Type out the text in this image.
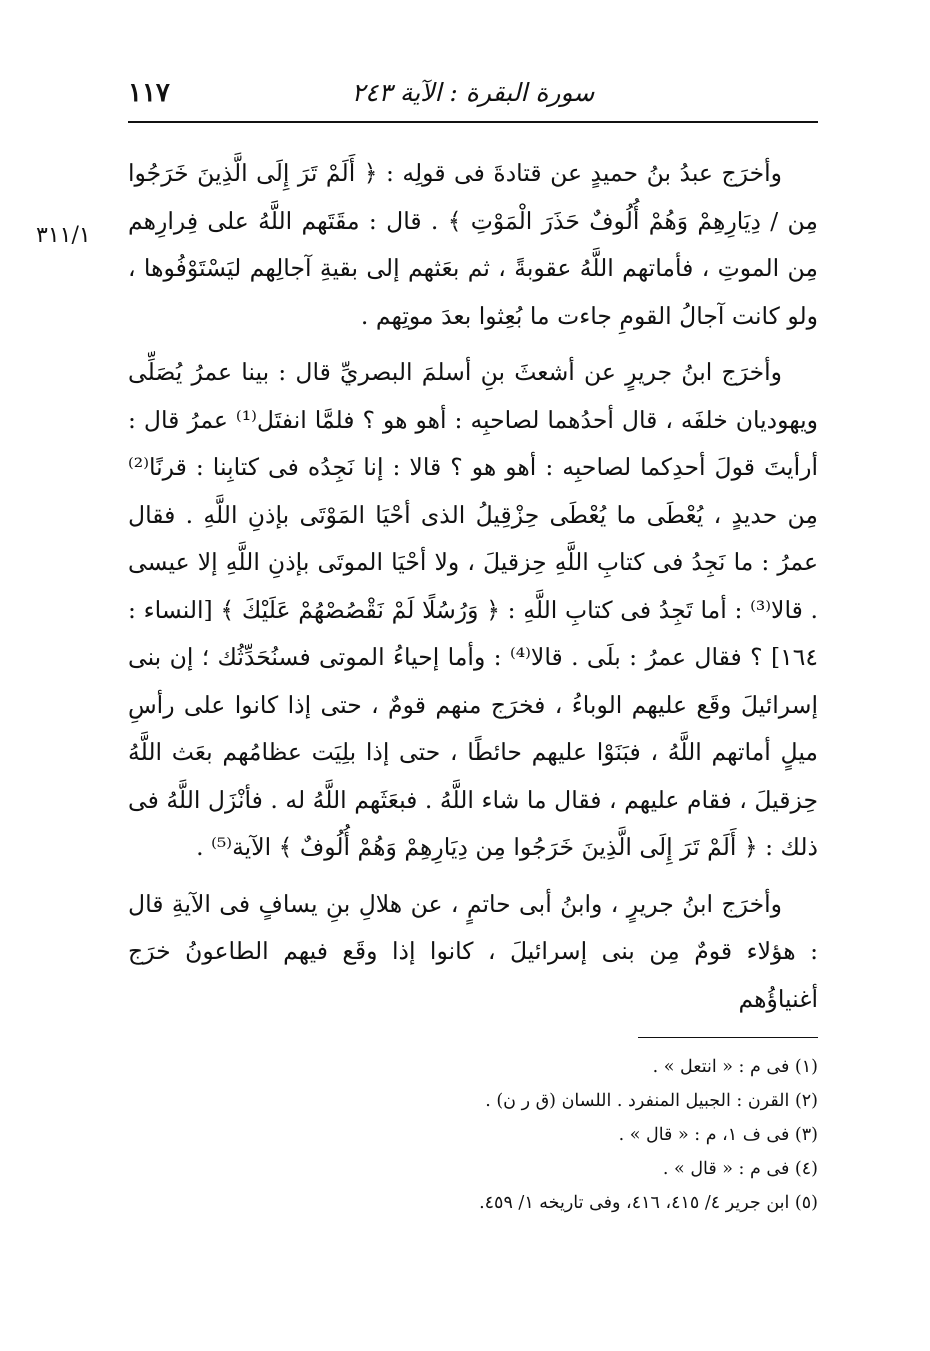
سورة البقرة : الآية ٢٤٣
١١٧
٣١١/١

وأخرَج عبدُ بنُ حميدٍ عن قتادةَ فى قولِه : ﴿ أَلَمْ تَرَ إِلَى الَّذِينَ خَرَجُوا مِن / دِيَارِهِمْ وَهُمْ أُلُوفٌ حَذَرَ الْمَوْتِ ﴾ . قال : مقَتَهم اللَّهُ على فِرارِهم مِن الموتِ ، فأماتهم اللَّهُ عقوبةً ، ثم بعَثهم إلى بقيةِ آجالِهم ليَسْتَوْفُوها ، ولو كانت آجالُ القومِ جاءت ما بُعِثوا بعدَ موتِهم .

وأخرَج ابنُ جريرٍ عن أشعثَ بنِ أسلمَ البصريِّ قال : بينا عمرُ يُصَلِّى ويهوديان خلفَه ، قال أحدُهما لصاحبِه : أهو هو ؟ فلمَّا انفتَل⁽¹⁾ عمرُ قال : أرأيتَ قولَ أحدِكما لصاحبِه : أهو هو ؟ قالا : إنا نَجِدُه فى كتابِنا : قرنًا⁽²⁾ مِن حديدٍ ، يُعْطَى ما يُعْطَى حِزْقِيلُ الذى أحْيَا المَوْتَى بإذنِ اللَّهِ . فقال عمرُ : ما نَجِدُ فى كتابِ اللَّهِ حِزقيلَ ، ولا أحْيَا الموتَى بإذنِ اللَّهِ إلا عيسى . قالا⁽³⁾ : أما تَجِدُ فى كتابِ اللَّهِ : ﴿ وَرُسُلًا لَمْ نَقْصُصْهُمْ عَلَيْكَ ﴾ [النساء : ١٦٤] ؟ فقال عمرُ : بلَى . قالا⁽⁴⁾ : وأما إحياءُ الموتى فسنُحَدِّثُك ؛ إن بنى إسرائيلَ وقَع عليهم الوباءُ ، فخرَج منهم قومٌ ، حتى إذا كانوا على رأسِ ميلٍ أماتهم اللَّهُ ، فبَنَوْا عليهم حائطًا ، حتى إذا بلِيَت عظامُهم بعَث اللَّهُ حِزقيلَ ، فقام عليهم ، فقال ما شاء اللَّهُ . فبعَثَهم اللَّهُ له . فأنْزَل اللَّهُ فى ذلك : ﴿ أَلَمْ تَرَ إِلَى الَّذِينَ خَرَجُوا مِن دِيَارِهِمْ وَهُمْ أُلُوفٌ ﴾ الآية⁽⁵⁾ .

وأخرَج ابنُ جريرٍ ، وابنُ أبى حاتمٍ ، عن هلالِ بنِ يسافٍ فى الآيةِ قال : هؤلاء قومٌ مِن بنى إسرائيلَ ، كانوا إذا وقَع فيهم الطاعونُ خرَج أغنياؤُهم

(١) فى م : « انتعل » .

(٢) القرن : الجبيل المنفرد . اللسان (ق ر ن) .

(٣) فى ف ١، م : « قال » .

(٤) فى م : « قال » .

(٥) ابن جرير ٤/ ٤١٥، ٤١٦، وفى تاريخه ١/ ٤٥٩.
